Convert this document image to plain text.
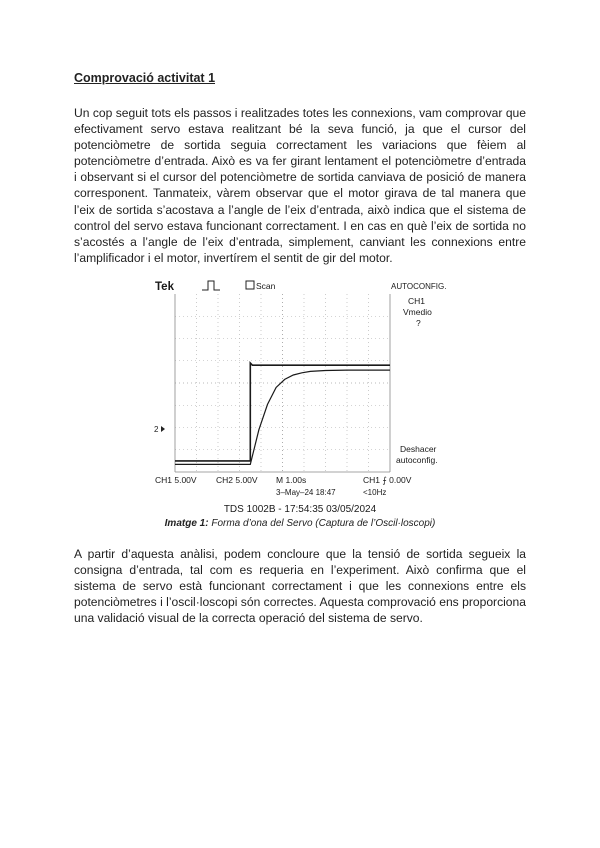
Comprovació activitat 1

Un cop seguit tots els passos i realitzades totes les connexions, vam comprovar que efectivament servo estava realitzant bé la seva funció, ja que el cursor del potenciòmetre de sortida seguia correctament les variacions que fèiem al potenciòmetre d’entrada. Això es va fer girant lentament el potenciòmetre d’entrada i observant si el cursor del potenciòmetre de sortida canviava de posició de manera corresponent. Tanmateix, vàrem observar que el motor girava de tal manera que l’eix de sortida s’acostava a l’angle de l’eix d’entrada, això indica que el sistema de control del servo estava funcionant correctament. I en cas en què l’eix de sortida no s’acostés a l’angle de l’eix d’entrada, simplement, canviant les connexions entre l’amplificador i el motor, invertírem el sentit de gir del motor.

Tek	Scan	AUTOCONFIG.
2
CH1
Vmedio
?
Deshacer
autoconfig.
CH1 5.00V CH2 5.00V M 1.00s
3–May–24 18:47
CH1 ⨍ 0.00V
<10Hz
TDS 1002B - 17:54:35 03/05/2024

Imatge 1: Forma d’ona del Servo (Captura de l’Oscil·loscopi)

A partir d’aquesta anàlisi, podem concloure que la tensió de sortida segueix la consigna d’entrada, tal com es requeria en l’experiment. Això confirma que el sistema de servo està funcionant correctament i que les connexions entre els potenciòmetres i l’oscil·loscopi són correctes. Aquesta comprovació ens proporciona una validació visual de la correcta operació del sistema de servo.
